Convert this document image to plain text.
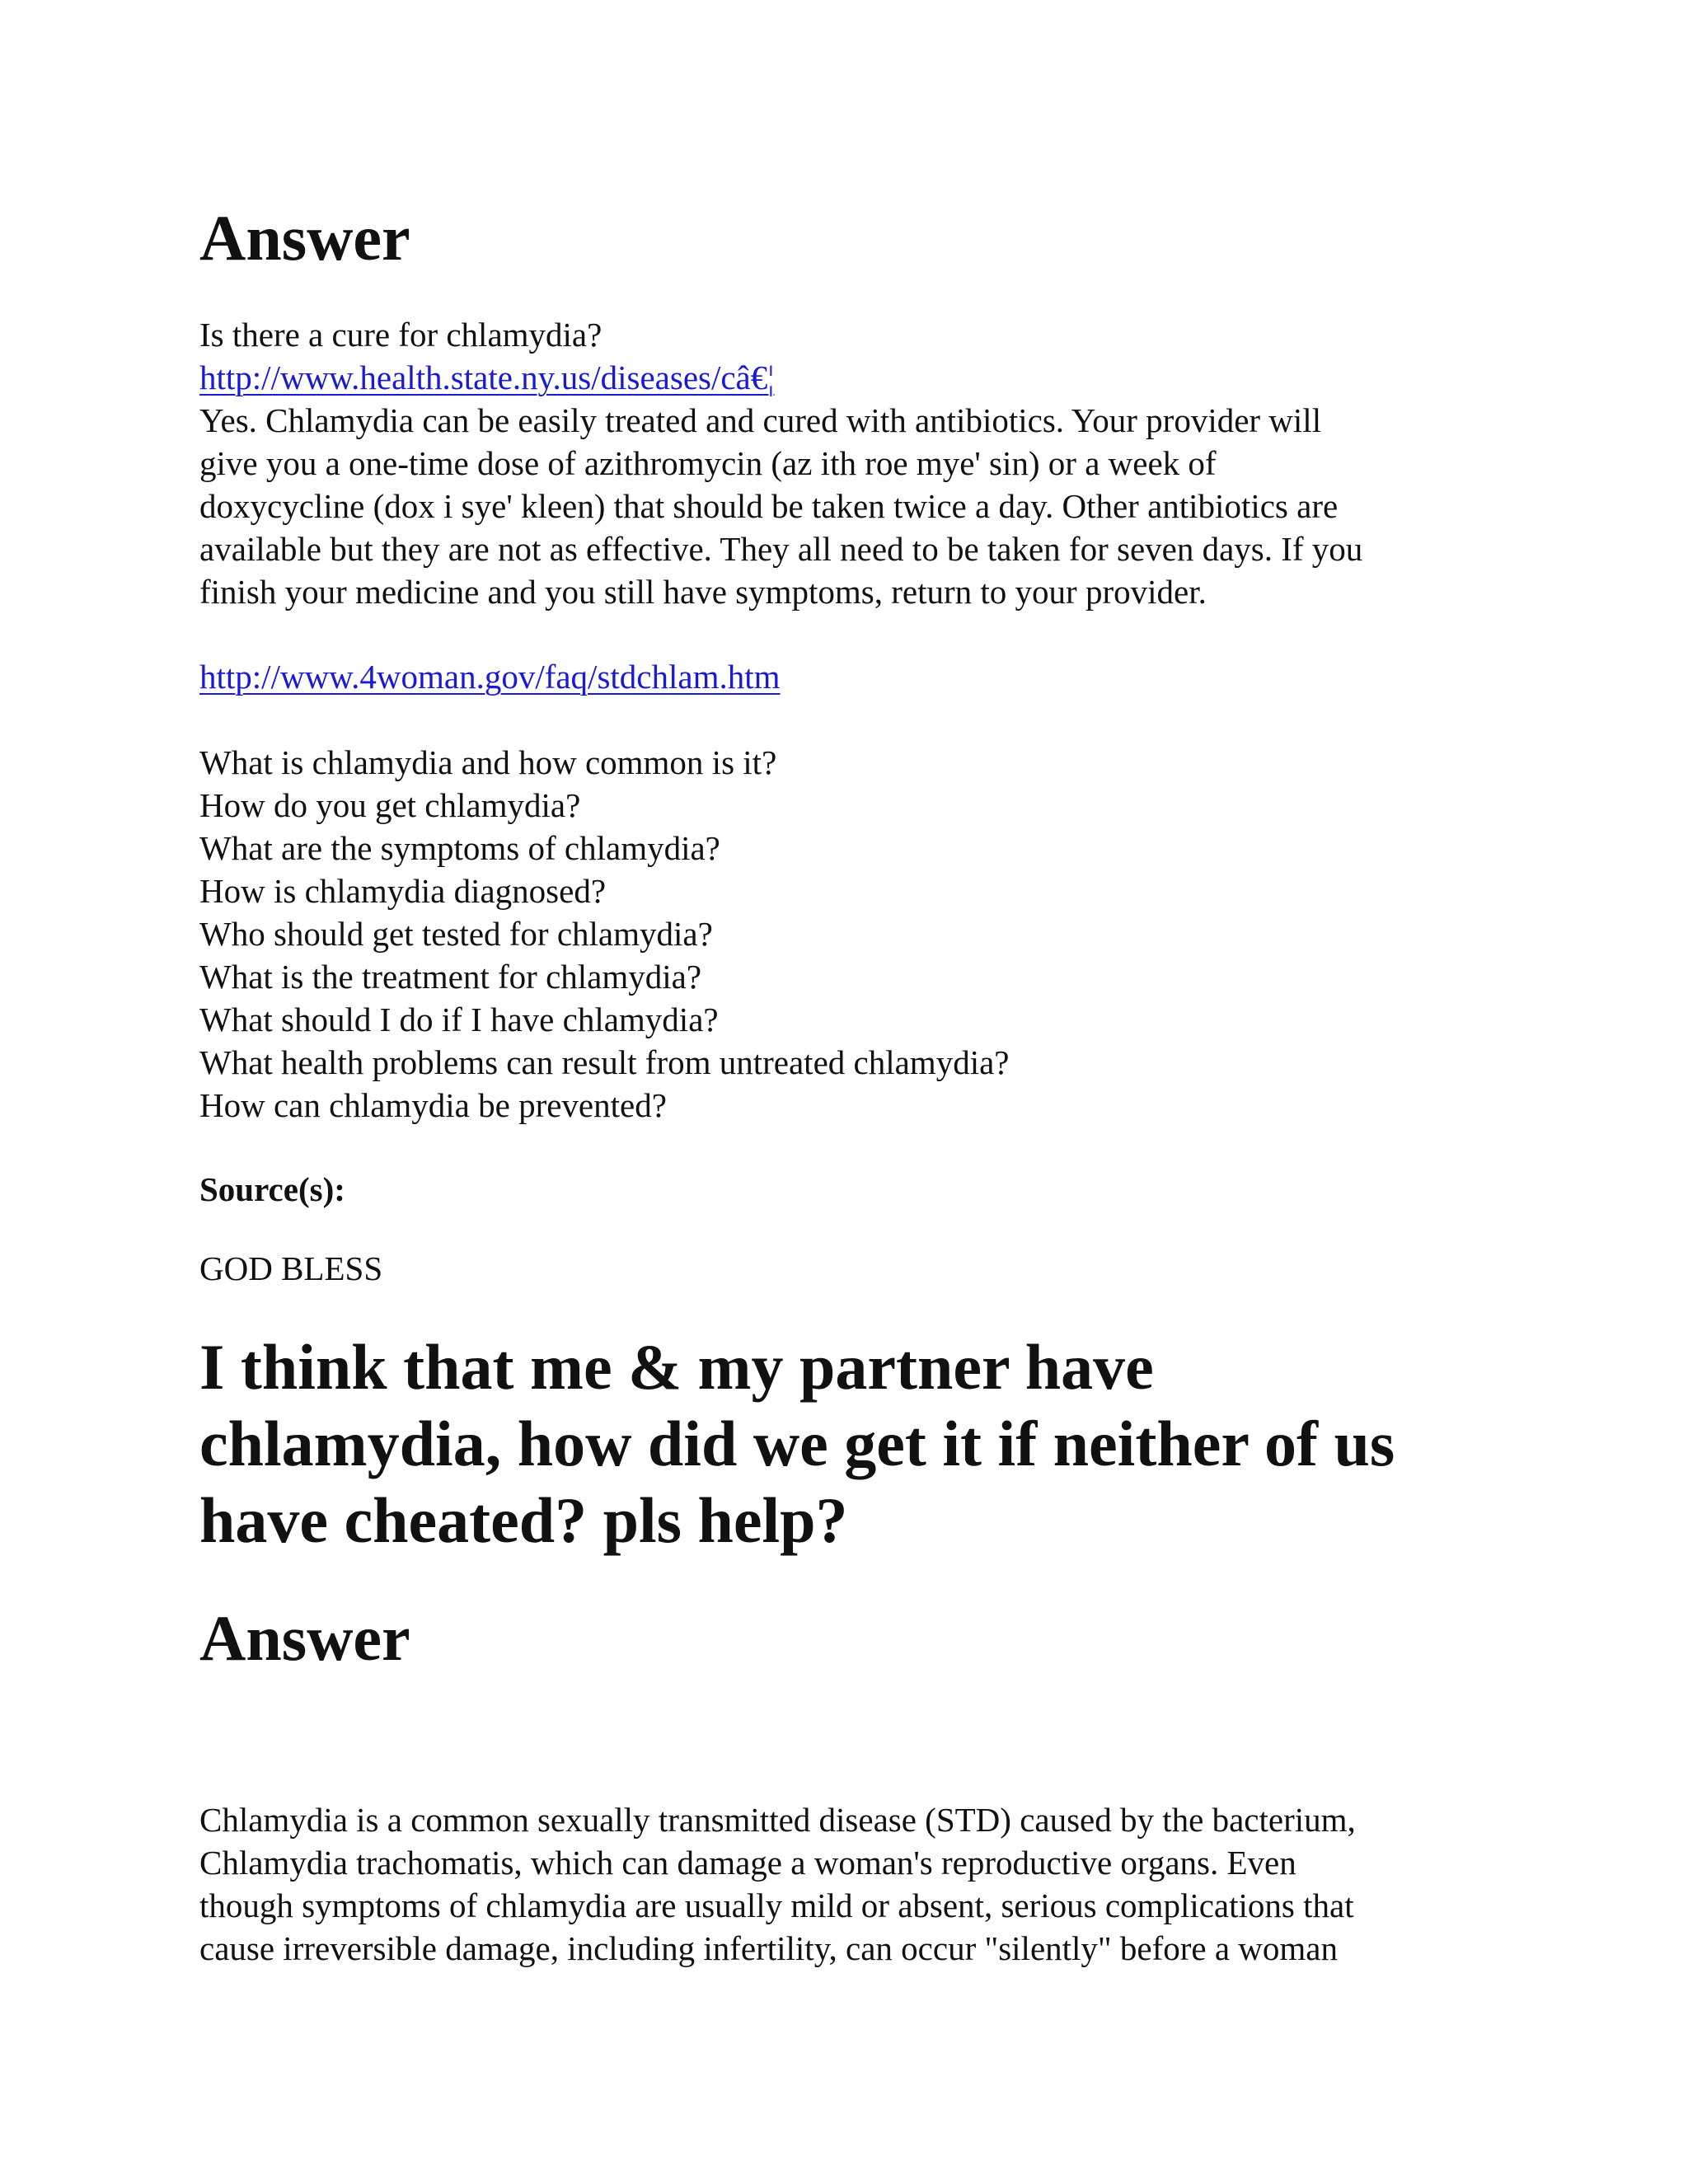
Answer
Is there a cure for chlamydia?
http://www.health.state.ny.us/diseases/câ€¦
Yes. Chlamydia can be easily treated and cured with antibiotics. Your provider will
give you a one-time dose of azithromycin (az ith roe mye' sin) or a week of
doxycycline (dox i sye' kleen) that should be taken twice a day. Other antibiotics are
available but they are not as effective. They all need to be taken for seven days. If you
finish your medicine and you still have symptoms, return to your provider.
http://www.4woman.gov/faq/stdchlam.htm
What is chlamydia and how common is it?
How do you get chlamydia?
What are the symptoms of chlamydia?
How is chlamydia diagnosed?
Who should get tested for chlamydia?
What is the treatment for chlamydia?
What should I do if I have chlamydia?
What health problems can result from untreated chlamydia?
How can chlamydia be prevented?
Source(s):
GOD BLESS
I think that me & my partner have
chlamydia, how did we get it if neither of us
have cheated? pls help?
Answer
Chlamydia is a common sexually transmitted disease (STD) caused by the bacterium,
Chlamydia trachomatis, which can damage a woman's reproductive organs. Even
though symptoms of chlamydia are usually mild or absent, serious complications that
cause irreversible damage, including infertility, can occur "silently" before a woman
